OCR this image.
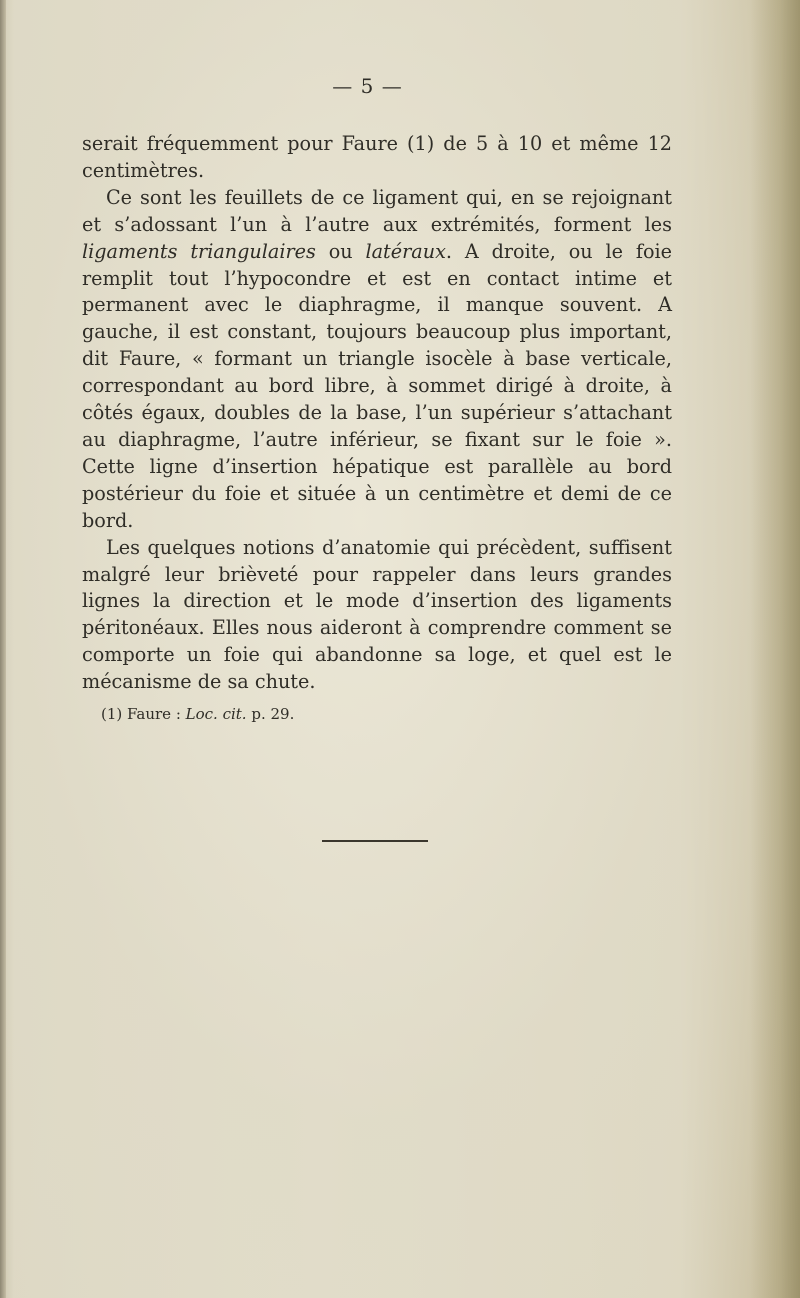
— 5 —

serait fréquemment pour Faure (1) de 5 à 10 et même 12 centimètres.

Ce sont les feuillets de ce ligament qui, en se rejoignant et s’adossant l’un à l’autre aux extrémités, forment les ligaments triangulaires ou latéraux. A droite, ou le foie remplit tout l’hypocondre et est en contact intime et permanent avec le diaphragme, il manque souvent. A gauche, il est constant, toujours beaucoup plus important, dit Faure, « formant un triangle isocèle à base verticale, correspondant au bord libre, à sommet dirigé à droite, à côtés égaux, doubles de la base, l’un supérieur s’attachant au diaphragme, l’autre inférieur, se fixant sur le foie ». Cette ligne d’insertion hépatique est parallèle au bord postérieur du foie et située à un centimètre et demi de ce bord.

Les quelques notions d’anatomie qui précèdent, suffisent malgré leur brièveté pour rappeler dans leurs grandes lignes la direction et le mode d’insertion des ligaments péritonéaux. Elles nous aideront à comprendre comment se comporte un foie qui abandonne sa loge, et quel est le mécanisme de sa chute.

(1) Faure : Loc. cit. p. 29.
